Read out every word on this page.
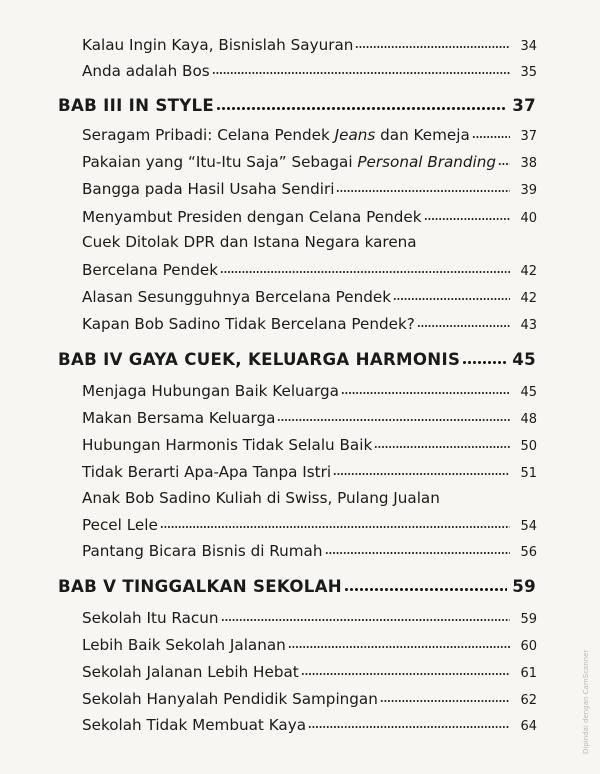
Kalau Ingin Kaya, Bisnislah Sayuran	34
Anda adalah Bos	35
BAB III IN STYLE	37
Seragam Pribadi: Celana Pendek Jeans dan Kemeja	37
Pakaian yang “Itu-Itu Saja” Sebagai Personal Branding	38
Bangga pada Hasil Usaha Sendiri	39
Menyambut Presiden dengan Celana Pendek	40
Cuek Ditolak DPR dan Istana Negara karena
Bercelana Pendek	42
Alasan Sesungguhnya Bercelana Pendek	42
Kapan Bob Sadino Tidak Bercelana Pendek?	43
BAB IV GAYA CUEK, KELUARGA HARMONIS	45
Menjaga Hubungan Baik Keluarga	45
Makan Bersama Keluarga	48
Hubungan Harmonis Tidak Selalu Baik	50
Tidak Berarti Apa-Apa Tanpa Istri	51
Anak Bob Sadino Kuliah di Swiss, Pulang Jualan
Pecel Lele	54
Pantang Bicara Bisnis di Rumah	56
BAB V TINGGALKAN SEKOLAH	59
Sekolah Itu Racun	59
Lebih Baik Sekolah Jalanan	60
Sekolah Jalanan Lebih Hebat	61
Sekolah Hanyalah Pendidik Sampingan	62
Sekolah Tidak Membuat Kaya	64	Dipindai dengan CamScanner
